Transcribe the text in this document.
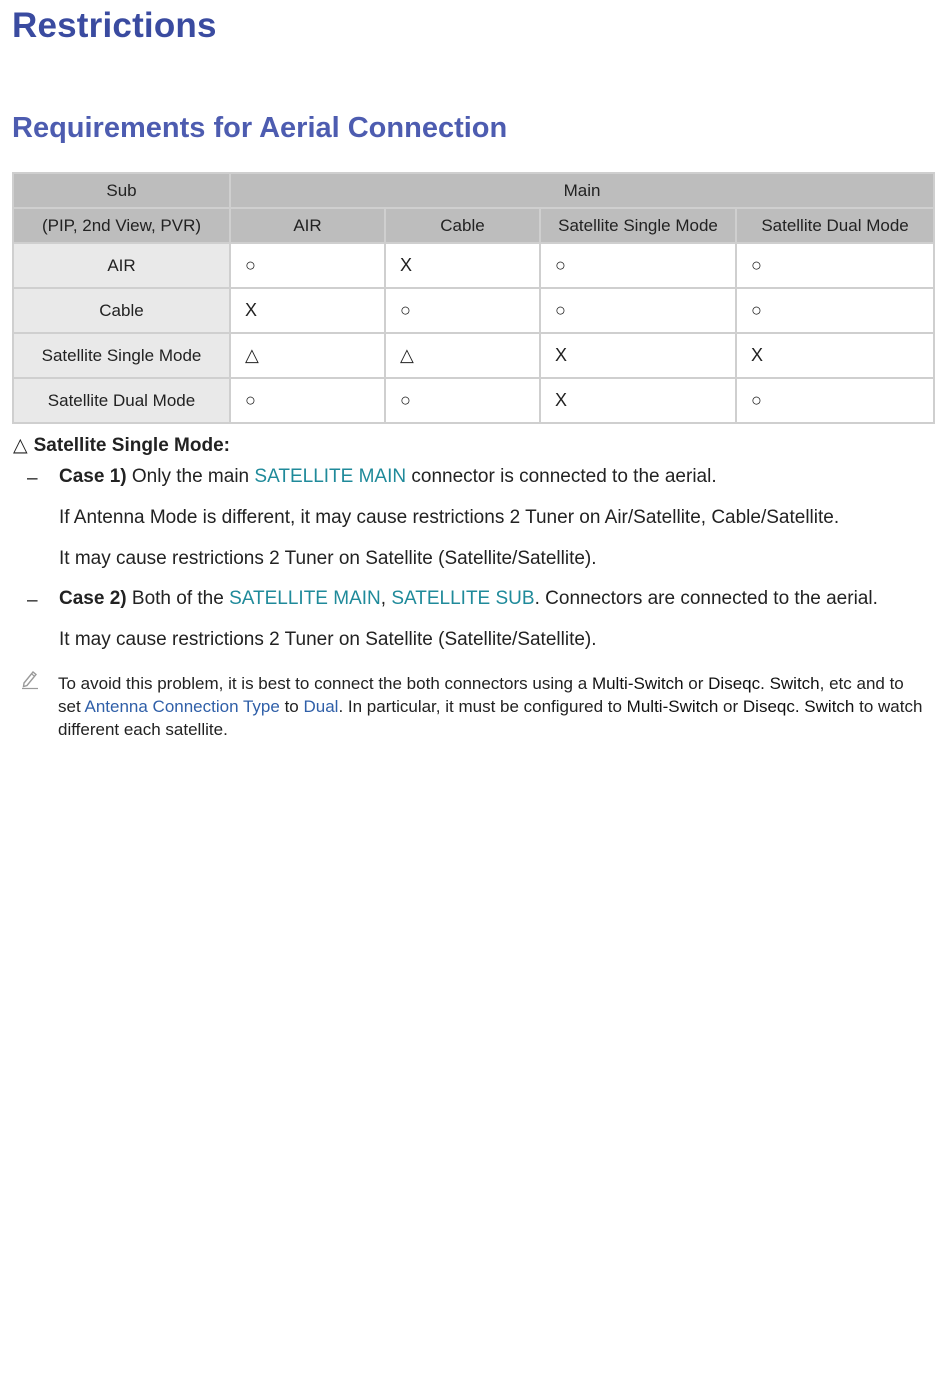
Restrictions
Requirements for Aerial Connection
Sub	Main			
(PIP, 2nd View, PVR)	AIR	Cable	Satellite Single Mode	Satellite Dual Mode
AIR	○	X	○	○
Cable	X	○	○	○
Satellite Single Mode	△	△	X	X
Satellite Dual Mode	○	○	X	○
△ Satellite Single Mode:
– Case 1) Only the main SATELLITE MAIN connector is connected to the aerial.
If Antenna Mode is different, it may cause restrictions 2 Tuner on Air/Satellite, Cable/Satellite.
It may cause restrictions 2 Tuner on Satellite (Satellite/Satellite).
– Case 2) Both of the SATELLITE MAIN, SATELLITE SUB. Connectors are connected to the aerial.
It may cause restrictions 2 Tuner on Satellite (Satellite/Satellite).
To avoid this problem, it is best to connect the both connectors using a Multi-Switch or Diseqc. Switch, etc and to set Antenna Connection Type to Dual. In particular, it must be configured to Multi-Switch or Diseqc. Switch to watch different each satellite.
